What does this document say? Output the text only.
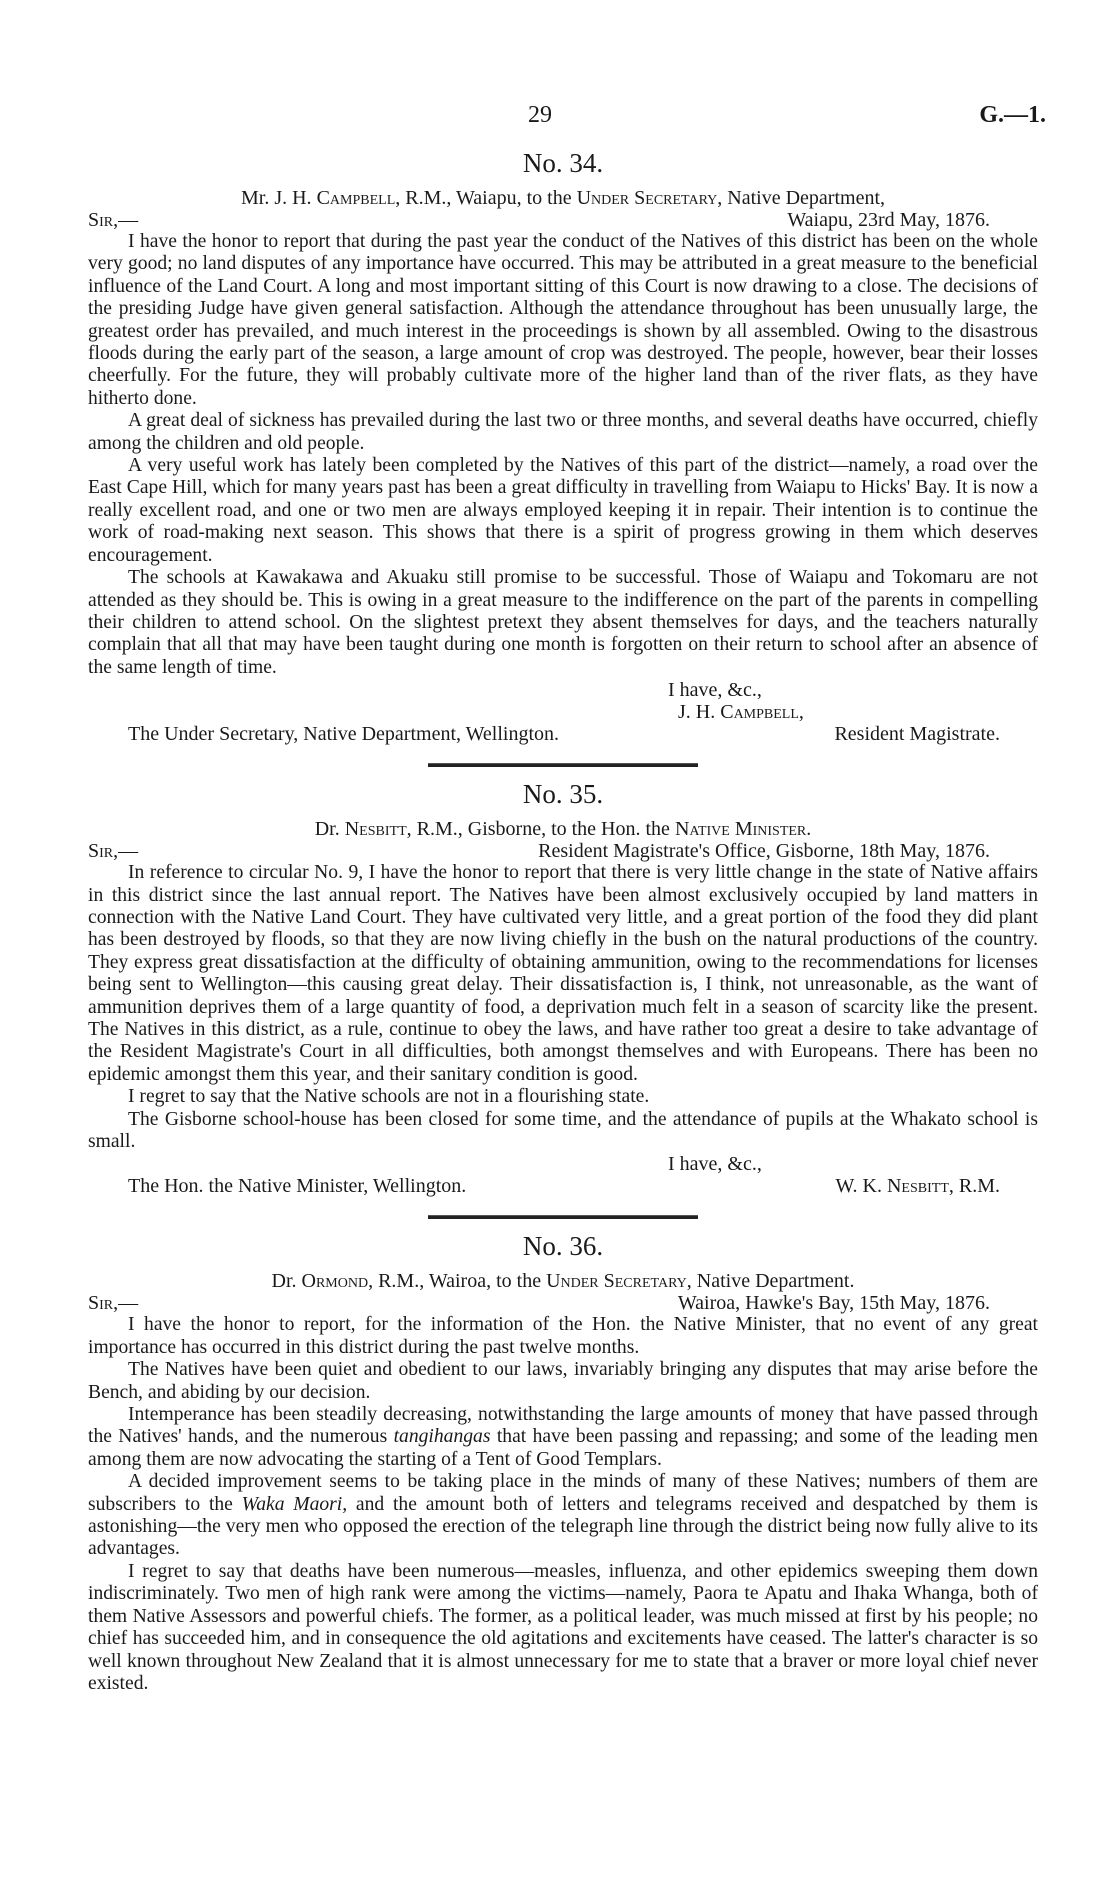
29	G.—1.
No. 34.
Mr. J. H. Campbell, R.M., Waiapu, to the Under Secretary, Native Department,
Sir,—	Waiapu, 23rd May, 1876.

I have the honor to report that during the past year the conduct of the Natives of this district has been on the whole very good; no land disputes of any importance have occurred. This may be attributed in a great measure to the beneficial influence of the Land Court. A long and most important sitting of this Court is now drawing to a close. The decisions of the presiding Judge have given general satisfaction. Although the attendance throughout has been unusually large, the greatest order has prevailed, and much interest in the proceedings is shown by all assembled. Owing to the disastrous floods during the early part of the season, a large amount of crop was destroyed. The people, however, bear their losses cheerfully. For the future, they will probably cultivate more of the higher land than of the river flats, as they have hitherto done.

A great deal of sickness has prevailed during the last two or three months, and several deaths have occurred, chiefly among the children and old people.

A very useful work has lately been completed by the Natives of this part of the district—namely, a road over the East Cape Hill, which for many years past has been a great difficulty in travelling from Waiapu to Hicks' Bay. It is now a really excellent road, and one or two men are always employed keeping it in repair. Their intention is to continue the work of road-making next season. This shows that there is a spirit of progress growing in them which deserves encouragement.

The schools at Kawakawa and Akuaku still promise to be successful. Those of Waiapu and Tokomaru are not attended as they should be. This is owing in a great measure to the indifference on the part of the parents in compelling their children to attend school. On the slightest pretext they absent themselves for days, and the teachers naturally complain that all that may have been taught during one month is forgotten on their return to school after an absence of the same length of time.

I have, &c.,
J. H. Campbell,
The Under Secretary, Native Department, Wellington.	Resident Magistrate.
No. 35.
Dr. Nesbitt, R.M., Gisborne, to the Hon. the Native Minister.
Sir,—	Resident Magistrate's Office, Gisborne, 18th May, 1876.

In reference to circular No. 9, I have the honor to report that there is very little change in the state of Native affairs in this district since the last annual report. The Natives have been almost exclusively occupied by land matters in connection with the Native Land Court. They have cultivated very little, and a great portion of the food they did plant has been destroyed by floods, so that they are now living chiefly in the bush on the natural productions of the country. They express great dissatisfaction at the difficulty of obtaining ammunition, owing to the recommendations for licenses being sent to Wellington—this causing great delay. Their dissatisfaction is, I think, not unreasonable, as the want of ammunition deprives them of a large quantity of food, a deprivation much felt in a season of scarcity like the present. The Natives in this district, as a rule, continue to obey the laws, and have rather too great a desire to take advantage of the Resident Magistrate's Court in all difficulties, both amongst themselves and with Europeans. There has been no epidemic amongst them this year, and their sanitary condition is good.

I regret to say that the Native schools are not in a flourishing state.

The Gisborne school-house has been closed for some time, and the attendance of pupils at the Whakato school is small.

I have, &c.,
The Hon. the Native Minister, Wellington.	W. K. Nesbitt, R.M.
No. 36.
Dr. Ormond, R.M., Wairoa, to the Under Secretary, Native Department.
Sir,—	Wairoa, Hawke's Bay, 15th May, 1876.

I have the honor to report, for the information of the Hon. the Native Minister, that no event of any great importance has occurred in this district during the past twelve months.

The Natives have been quiet and obedient to our laws, invariably bringing any disputes that may arise before the Bench, and abiding by our decision.

Intemperance has been steadily decreasing, notwithstanding the large amounts of money that have passed through the Natives' hands, and the numerous tangihangas that have been passing and repassing; and some of the leading men among them are now advocating the starting of a Tent of Good Templars.

A decided improvement seems to be taking place in the minds of many of these Natives; numbers of them are subscribers to the Waka Maori, and the amount both of letters and telegrams received and despatched by them is astonishing—the very men who opposed the erection of the telegraph line through the district being now fully alive to its advantages.

I regret to say that deaths have been numerous—measles, influenza, and other epidemics sweeping them down indiscriminately. Two men of high rank were among the victims—namely, Paora te Apatu and Ihaka Whanga, both of them Native Assessors and powerful chiefs. The former, as a political leader, was much missed at first by his people; no chief has succeeded him, and in consequence the old agitations and excitements have ceased. The latter's character is so well known throughout New Zealand that it is almost unnecessary for me to state that a braver or more loyal chief never existed.
